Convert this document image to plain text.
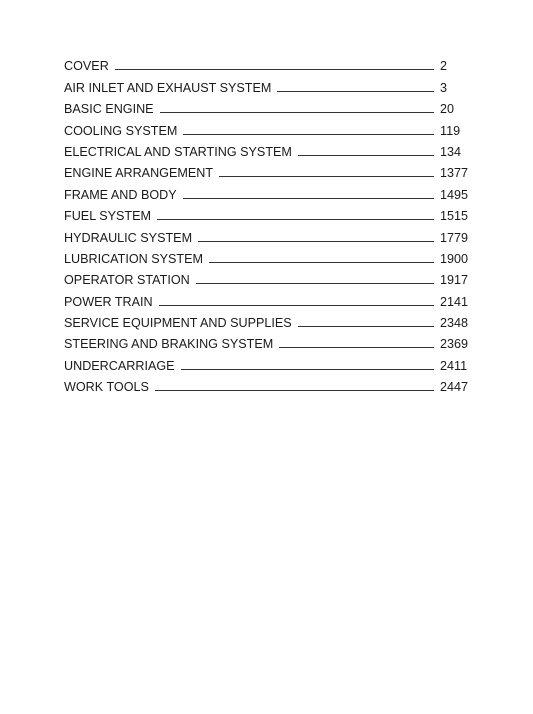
COVER	2
AIR INLET AND EXHAUST SYSTEM	3
BASIC ENGINE	20
COOLING SYSTEM	119
ELECTRICAL AND STARTING SYSTEM	134
ENGINE ARRANGEMENT	1377
FRAME AND BODY	1495
FUEL SYSTEM	1515
HYDRAULIC SYSTEM	1779
LUBRICATION SYSTEM	1900
OPERATOR STATION	1917
POWER TRAIN	2141
SERVICE EQUIPMENT AND SUPPLIES	2348
STEERING AND BRAKING SYSTEM	2369
UNDERCARRIAGE	2411
WORK TOOLS	2447
